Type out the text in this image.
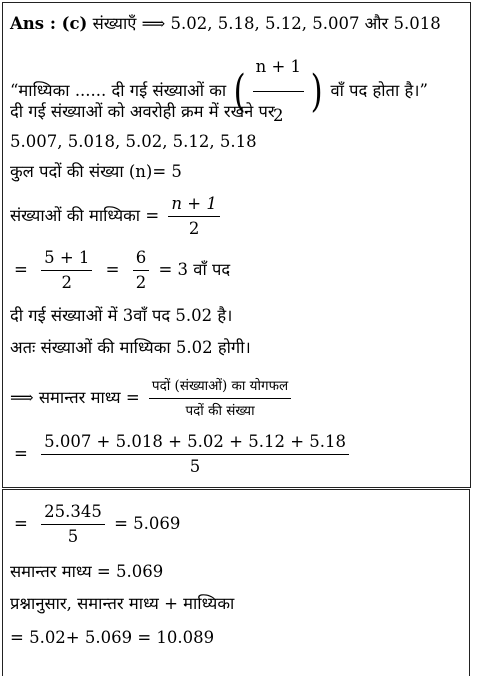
Ans : (c) संख्याएँ ⟹ 5.02, 5.18, 5.12, 5.007 और 5.018
“माध्यिका ...... दी गई संख्याओं का ( $\frac{n + 1}{2}$ ) वाँ पद होता है।”
दी गई संख्याओं को अवरोही क्रम में रखने पर
5.007, 5.018, 5.02, 5.12, 5.18
कुल पदों की संख्या (n)= 5
संख्याओं की माध्यिका = $\frac{n + 1}{2}$
= $\frac{5 + 1}{2} = \frac{6}{2} = 3$ वाँ पद
दी गई संख्याओं में 3वाँ पद 5.02 है।
अतः संख्याओं की माध्यिका 5.02 होगी।
⟹ समान्तर माध्य = $\frac{\text{पदों (संख्याओं) का योगफल}}{\text{पदों की संख्या}}$
= $\frac{5.007 + 5.018 + 5.02 + 5.12 + 5.18}{5}$
= $\frac{25.345}{5} = 5.069$
समान्तर माध्य = 5.069
प्रश्नानुसार, समान्तर माध्य + माध्यिका
= 5.02+ 5.069 = 10.089
